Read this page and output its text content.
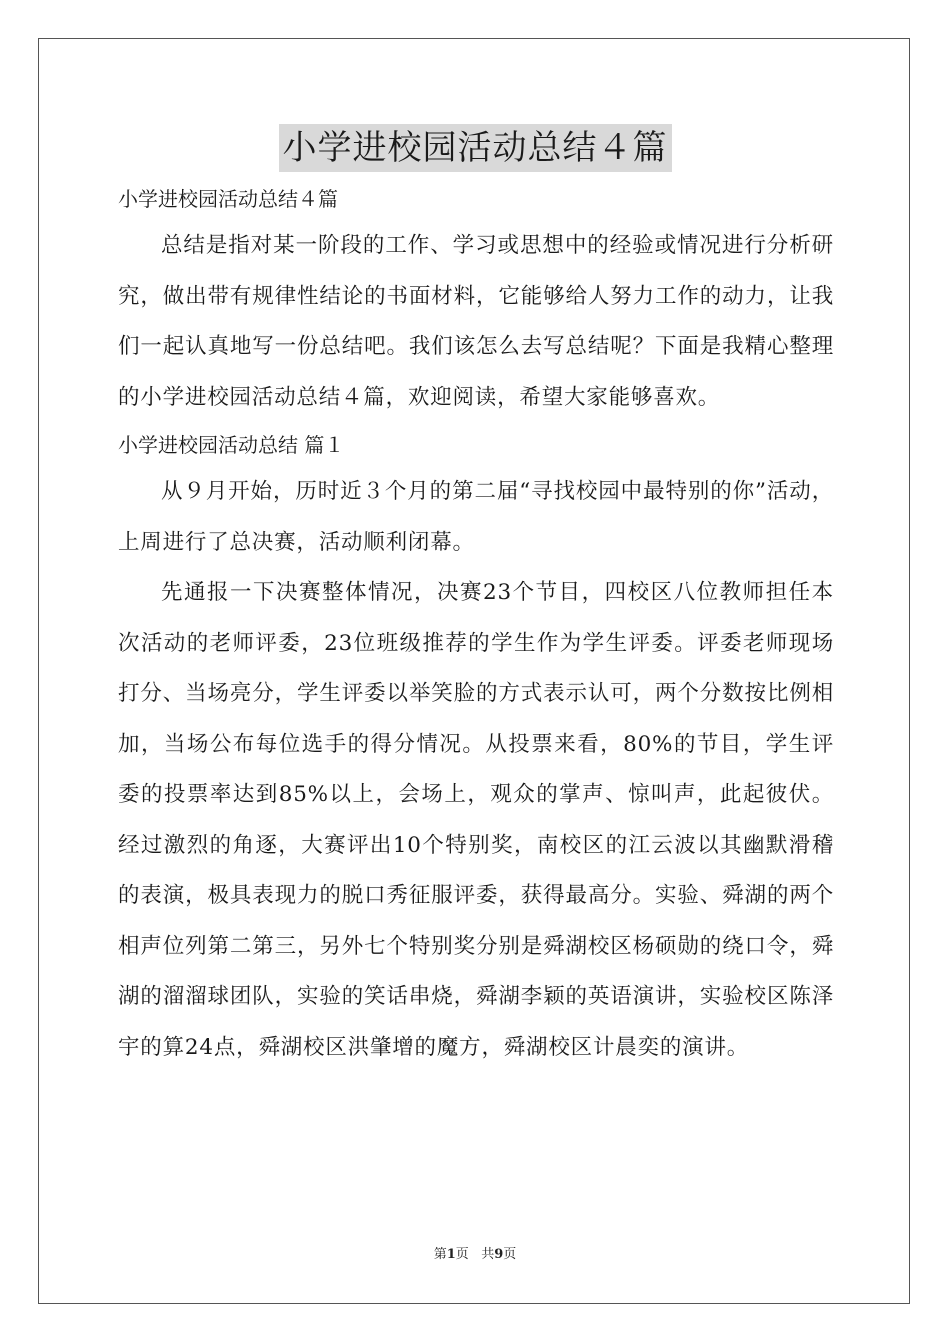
小学进校园活动总结４篇

小学进校园活动总结４篇

总结是指对某一阶段的工作、学习或思想中的经验或情况进行分析研究，做出带有规律性结论的书面材料，它能够给人努力工作的动力，让我们一起认真地写一份总结吧。我们该怎么去写总结呢？下面是我精心整理的小学进校园活动总结４篇，欢迎阅读，希望大家能够喜欢。

小学进校园活动总结 篇１

从９月开始，历时近３个月的第二届“寻找校园中最特别的你”活动，上周进行了总决赛，活动顺利闭幕。

先通报一下决赛整体情况，决赛23个节目，四校区八位教师担任本次活动的老师评委，23位班级推荐的学生作为学生评委。评委老师现场打分、当场亮分，学生评委以举笑脸的方式表示认可，两个分数按比例相加，当场公布每位选手的得分情况。从投票来看，80%的节目，学生评委的投票率达到85%以上，会场上，观众的掌声、惊叫声，此起彼伏。经过激烈的角逐，大赛评出10个特别奖，南校区的江云波以其幽默滑稽的表演，极具表现力的脱口秀征服评委，获得最高分。实验、舜湖的两个相声位列第二第三，另外七个特别奖分别是舜湖校区杨硕勋的绕口令，舜湖的溜溜球团队，实验的笑话串烧，舜湖李颖的英语演讲，实验校区陈泽宇的算24点，舜湖校区洪肇增的魔方，舜湖校区计晨奕的演讲。

第1页 共9页
